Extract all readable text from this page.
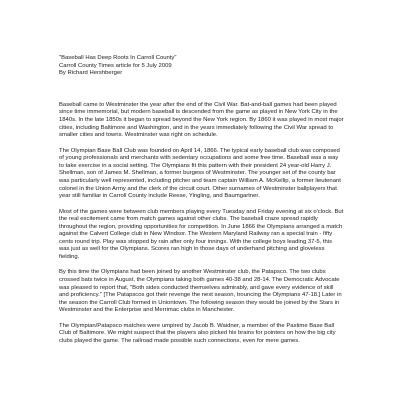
"Baseball Has Deep Roots In Carroll County"

Carroll County Times article for 5 July 2009

By Richard Hershberger

Baseball came to Westminster the year after the end of the Civil War. Bat-and-ball games had been played since time immemorial, but modern baseball is descended from the game as played in New York City in the 1840s. In the late 1850s it began to spread beyond the New York region. By 1860 it was played in most major cities, including Baltimore and Washington, and in the years immediately following the Civil War spread to smaller cities and towns. Westminster was right on schedule.

The Olympian Base Ball Club was founded on April 14, 1866. The typical early baseball club was composed of young professionals and merchants with sedentary occupations and some free time. Baseball was a way to take exercise in a social setting. The Olympians fit this pattern with their president 24 year-old Harry J. Shellman, son of James M. Shellman, a former burgess of Westminster. The younger set of the county bar was particularly well represented, including pitcher and team captain William A. McKellip, a former lieutenant colonel in the Union Army and the clerk of the circuit court. Other surnames of Westminster ballplayers that year still familiar in Carroll County include Reese, Yingling, and Baumgartner.

Most of the games were between club members playing every Tuesday and Friday evening at six o'clock. But the real excitement came from match games against other clubs. The baseball craze spread rapidly throughout the region, providing opportunities for competition. In June 1866 the Olympians arranged a match against the Calvert College club in New Windsor. The Western Maryland Railway ran a special train - fifty cents round trip. Play was stopped by rain after only four innings. With the college boys leading 37-5, this was just as well for the Olympians. Scores ran high in those days of underhand pitching and gloveless fielding.

By this time the Olympians had been joined by another Westminster club, the Patapsco. The two clubs crossed bats twice in August, the Olympians taking both games 40-38 and 28-14. The Democratic Advocate was pleased to report that, "Both sides conducted themselves admirably, and gave every evidence of skill and proficiency." [The Patapscos got their revenge the next season, trouncing the Olympians 47-18.] Later in the season the Carroll Club formed in Uniontown. The following season they would be joined by the Stars in Westminster and the Enterprise and Merrimac clubs in Manchester.

The Olympian/Patapsco matches were umpired by Jacob B. Waidner, a member of the Pastime Base Ball Club of Baltimore. We might suspect that the players also picked his brains for pointers on how the big city clubs played the game. The railroad made possible such connections, even for mere games.
